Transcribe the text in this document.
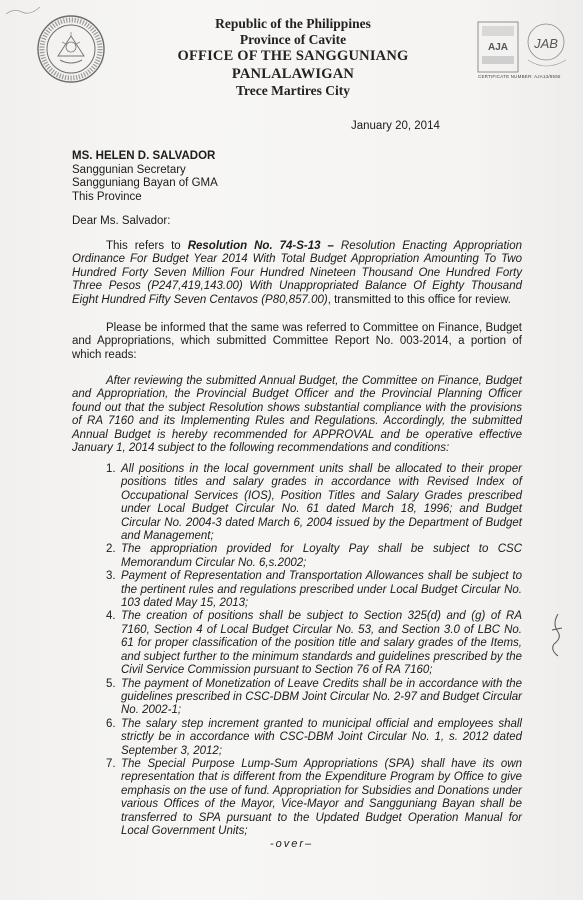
Republic of the Philippines
Province of Cavite
OFFICE OF THE SANGGUNIANG PANLALAWIGAN
Trece Martires City
AJA JAB
CERTIFICATE NUMBER: AJA13/8555
January 20, 2014
MS. HELEN D. SALVADOR
Sanggunian Secretary
Sangguniang Bayan of GMA
This Province
Dear Ms. Salvador:

This refers to Resolution No. 74-S-13 – Resolution Enacting Appropriation Ordinance For Budget Year 2014 With Total Budget Appropriation Amounting To Two Hundred Forty Seven Million Four Hundred Nineteen Thousand One Hundred Forty Three Pesos (P247,419,143.00) With Unappropriated Balance Of Eighty Thousand Eight Hundred Fifty Seven Centavos (P80,857.00), transmitted to this office for review.

Please be informed that the same was referred to Committee on Finance, Budget and Appropriations, which submitted Committee Report No. 003-2014, a portion of which reads:

After reviewing the submitted Annual Budget, the Committee on Finance, Budget and Appropriation, the Provincial Budget Officer and the Provincial Planning Officer found out that the subject Resolution shows substantial compliance with the provisions of RA 7160 and its Implementing Rules and Regulations. Accordingly, the submitted Annual Budget is hereby recommended for APPROVAL and be operative effective January 1, 2014 subject to the following recommendations and conditions:

1. All positions in the local government units shall be allocated to their proper positions titles and salary grades in accordance with Revised Index of Occupational Services (IOS), Position Titles and Salary Grades prescribed under Local Budget Circular No. 61 dated March 18, 1996; and Budget Circular No. 2004-3 dated March 6, 2004 issued by the Department of Budget and Management;
2. The appropriation provided for Loyalty Pay shall be subject to CSC Memorandum Circular No. 6,s.2002;
3. Payment of Representation and Transportation Allowances shall be subject to the pertinent rules and regulations prescribed under Local Budget Circular No. 103 dated May 15, 2013;
4. The creation of positions shall be subject to Section 325(d) and (g) of RA 7160, Section 4 of Local Budget Circular No. 53, and Section 3.0 of LBC No. 61 for proper classification of the position title and salary grades of the Items, and subject further to the minimum standards and guidelines prescribed by the Civil Service Commission pursuant to Section 76 of RA 7160;
5. The payment of Monetization of Leave Credits shall be in accordance with the guidelines prescribed in CSC-DBM Joint Circular No. 2-97 and Budget Circular No. 2002-1;
6. The salary step increment granted to municipal official and employees shall strictly be in accordance with CSC-DBM Joint Circular No. 1, s. 2012 dated September 3, 2012;
7. The Special Purpose Lump-Sum Appropriations (SPA) shall have its own representation that is different from the Expenditure Program by Office to give emphasis on the use of fund. Appropriation for Subsidies and Donations under various Offices of the Mayor, Vice-Mayor and Sangguniang Bayan shall be transferred to SPA pursuant to the Updated Budget Operation Manual for Local Government Units;
-over–
